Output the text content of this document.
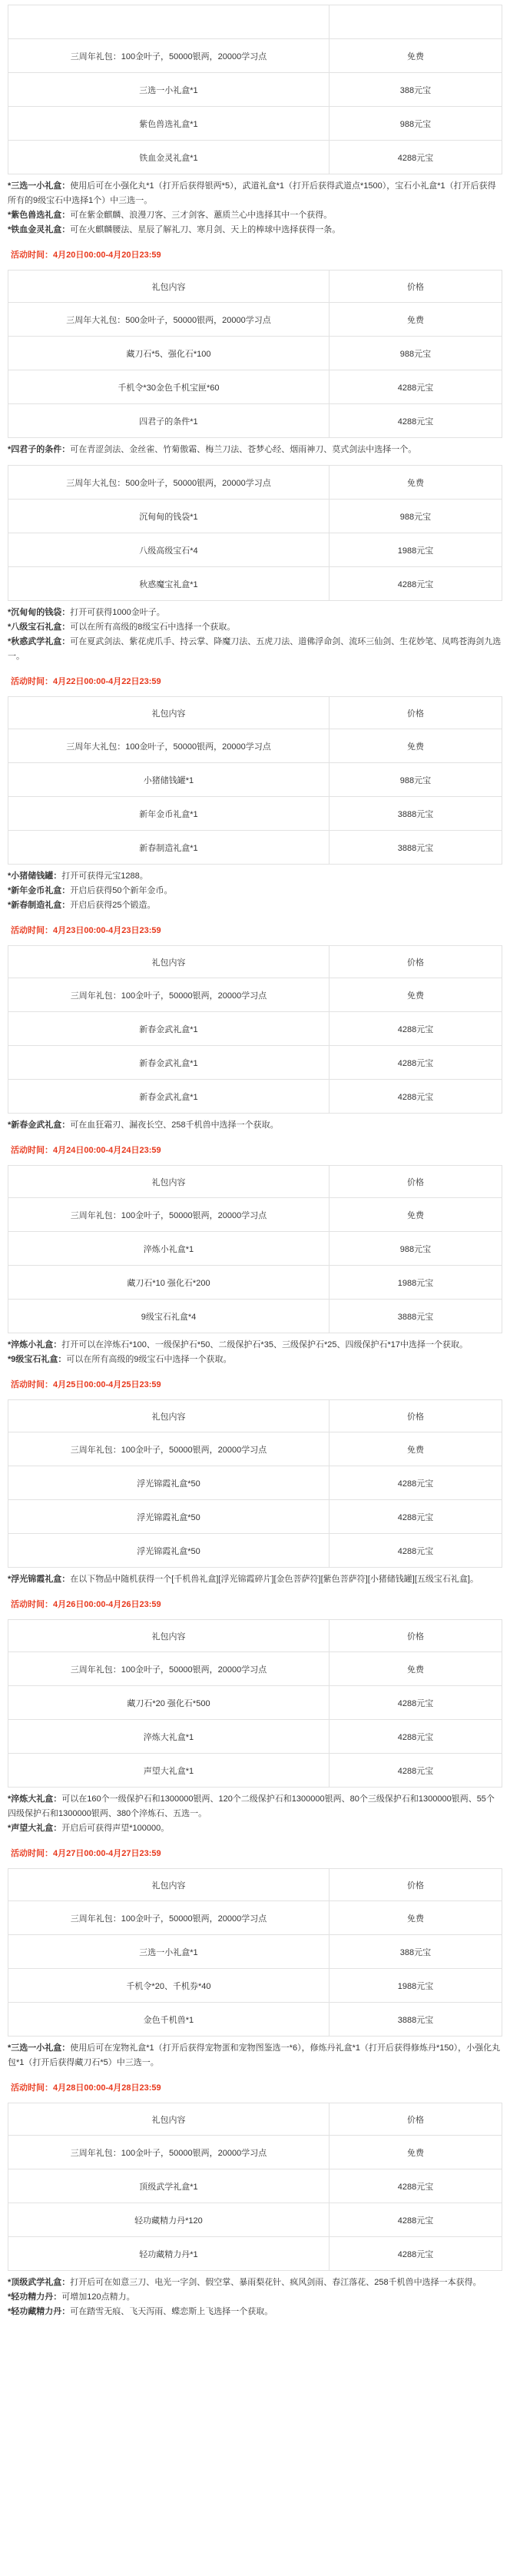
三周年礼包：100金叶子，50000银两，20000学习点	免费
三选一小礼盒*1	388元宝
紫色兽选礼盒*1	988元宝
铁血金灵礼盒*1	4288元宝

*三选一小礼盒：使用后可在小强化丸*1（打开后获得银两*5），武道礼盒*1（打开后获得武道点*1500），宝石小礼盒*1（打开后获得所有的9级宝石中选择1个）中三选一。

*紫色兽选礼盒：可在紫金麒麟、浪漫刀客、三才剑客、蕙质兰心中选择其中一个获得。

*铁血金灵礼盒：可在火麒麟腰法、星辰了解礼刀、寒月剑、天上的棒球中选择获得一条。

活动时间：4月20日00:00-4月20日23:59
礼包内容	价格
三周年大礼包：500金叶子，50000银两，20000学习点	免费
藏刀石*5、强化石*100	988元宝
千机令*30金色千机宝匣*60	4288元宝
四君子的条件*1	4288元宝

*四君子的条件：可在青涩剑法、金丝雀、竹菊傲霜、梅兰刀法、苍梦心经、烟雨神刀、莫式剑法中选择一个。

三周年大礼包：500金叶子，50000银两，20000学习点	免费
沉甸甸的钱袋*1	988元宝
八级高级宝石*4	1988元宝
秋惑魔宝礼盒*1	4288元宝

*沉甸甸的钱袋：打开可获得1000金叶子。

*八级宝石礼盒：可以在所有高级的8级宝石中选择一个获取。

*秋惑武学礼盒：可在夏武剑法、紫花虎爪手、持云掌、降魔刀法、五虎刀法、道佛浮命剑、流环三仙剑、生花妙笔、凤鸣苍海剑九选一。

活动时间：4月22日00:00-4月22日23:59
礼包内容	价格
三周年大礼包：100金叶子，50000银两，20000学习点	免费
小猪储钱罐*1	988元宝
新年金币礼盒*1	3888元宝
新春制造礼盒*1	3888元宝

*小猪储钱罐：打开可获得元宝1288。

*新年金币礼盒：开启后获得50个新年金币。

*新春制造礼盒：开启后获得25个锻造。

活动时间：4月23日00:00-4月23日23:59
礼包内容	价格
三周年礼包：100金叶子，50000银两，20000学习点	免费
新春金武礼盒*1	4288元宝
新春金武礼盒*1	4288元宝
新春金武礼盒*1	4288元宝

*新春金武礼盒：可在血狂霜刃、漏夜长空、258千机兽中选择一个获取。

活动时间：4月24日00:00-4月24日23:59
礼包内容	价格
三周年礼包：100金叶子，50000银两，20000学习点	免费
淬炼小礼盒*1	988元宝
藏刀石*10 强化石*200	1988元宝
9级宝石礼盒*4	3888元宝

*淬炼小礼盒：打开可以在淬炼石*100、一级保护石*50、二级保护石*35、三级保护石*25、四级保护石*17中选择一个获取。

*9级宝石礼盒：可以在所有高级的9级宝石中选择一个获取。

活动时间：4月25日00:00-4月25日23:59
礼包内容	价格
三周年礼包：100金叶子，50000银两，20000学习点	免费
浮光锦霞礼盒*50	4288元宝
浮光锦霞礼盒*50	4288元宝
浮光锦霞礼盒*50	4288元宝

*浮光锦霞礼盒：在以下物品中随机获得一个[千机兽礼盒][浮光锦霞碎片][金色菩萨符][紫色菩萨符][小猪储钱罐][五级宝石礼盒]。

活动时间：4月26日00:00-4月26日23:59
礼包内容	价格
三周年礼包：100金叶子，50000银两，20000学习点	免费
藏刀石*20 强化石*500	4288元宝
淬炼大礼盒*1	4288元宝
声望大礼盒*1	4288元宝

*淬炼大礼盒：可以在160个一级保护石和1300000银两、120个二级保护石和1300000银两、80个三级保护石和1300000银两、55个四级保护石和1300000银两、380个淬炼石、五选一。

*声望大礼盒：开启后可获得声望*100000。

活动时间：4月27日00:00-4月27日23:59
礼包内容	价格
三周年礼包：100金叶子，50000银两，20000学习点	免费
三选一小礼盒*1	388元宝
千机令*20、千机券*40	1988元宝
金色千机兽*1	3888元宝

*三选一小礼盒：使用后可在宠物礼盒*1（打开后获得宠物蛋和宠物图鉴选一*6），修炼丹礼盒*1（打开后获得修炼丹*150），小强化丸包*1（打开后获得藏刀石*5）中三选一。

活动时间：4月28日00:00-4月28日23:59
礼包内容	价格
三周年礼包：100金叶子，50000银两，20000学习点	免费
顶级武学礼盒*1	4288元宝
轻功藏精力丹*120	4288元宝
轻功藏精力丹*1	4288元宝

*顶级武学礼盒：打开后可在如意三刀、电光一字剑、假空掌、暴雨梨花针、疯风剑雨、春江落花、258千机兽中选择一本获得。

*轻功精力丹：可增加120点精力。

*轻功藏精力丹：可在踏雪无痕、飞天泻雨、蝶恋斯上飞选择一个获取。
